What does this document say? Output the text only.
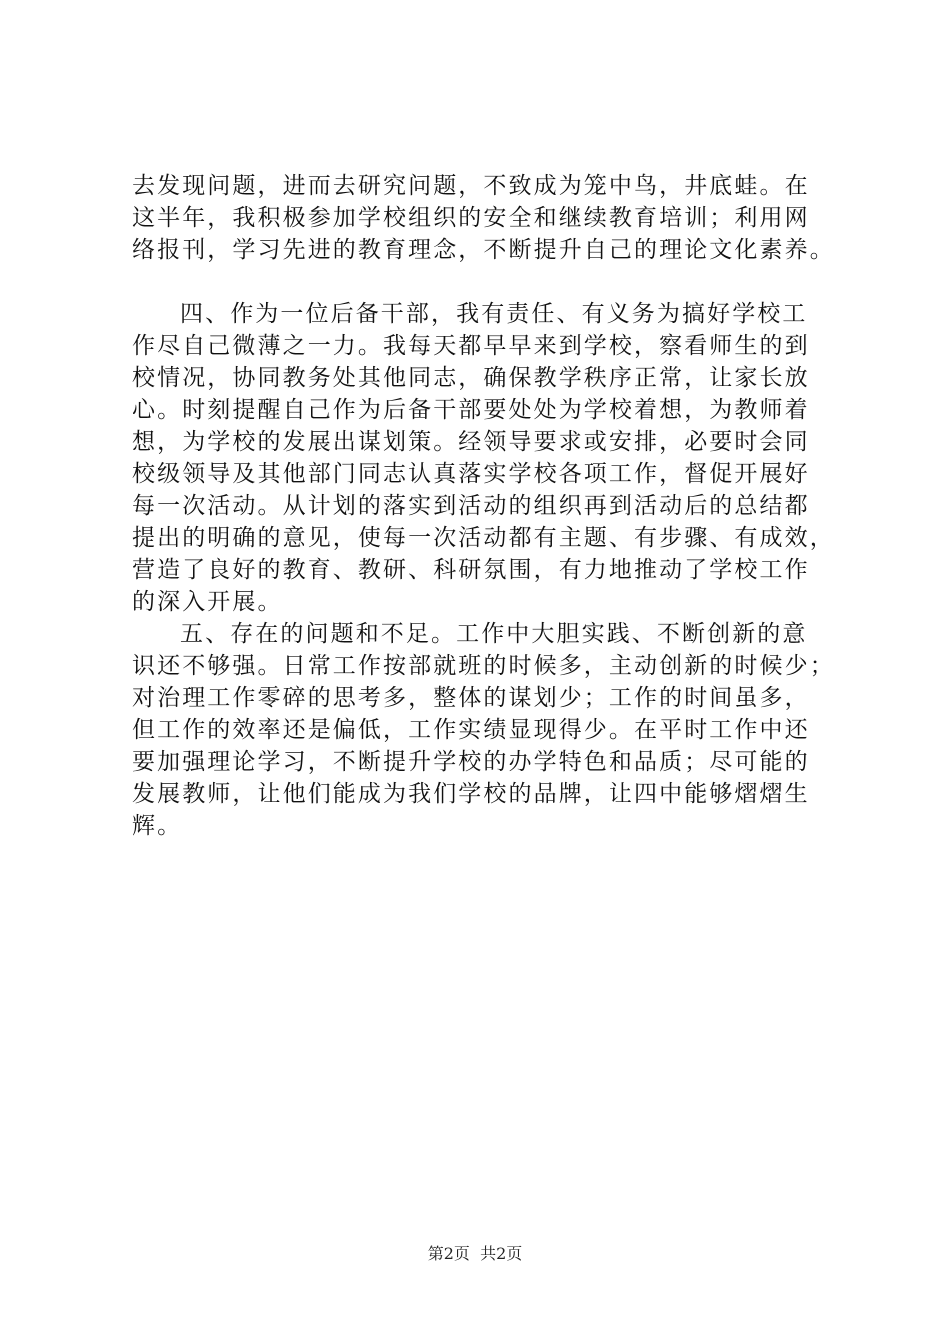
去发现问题，进而去研究问题，不致成为笼中鸟，井底蛙。在
这半年，我积极参加学校组织的安全和继续教育培训；利用网
络报刊，学习先进的教育理念，不断提升自己的理论文化素养。
四、作为一位后备干部，我有责任、有义务为搞好学校工
作尽自己微薄之一力。我每天都早早来到学校，察看师生的到
校情况，协同教务处其他同志，确保教学秩序正常，让家长放
心。时刻提醒自己作为后备干部要处处为学校着想，为教师着
想，为学校的发展出谋划策。经领导要求或安排，必要时会同
校级领导及其他部门同志认真落实学校各项工作，督促开展好
每一次活动。从计划的落实到活动的组织再到活动后的总结都
提出的明确的意见，使每一次活动都有主题、有步骤、有成效，
营造了良好的教育、教研、科研氛围，有力地推动了学校工作
的深入开展。
五、存在的问题和不足。工作中大胆实践、不断创新的意
识还不够强。日常工作按部就班的时候多，主动创新的时候少；
对治理工作零碎的思考多，整体的谋划少；工作的时间虽多，
但工作的效率还是偏低，工作实绩显现得少。在平时工作中还
要加强理论学习，不断提升学校的办学特色和品质；尽可能的
发展教师，让他们能成为我们学校的品牌，让四中能够熠熠生
辉。
第2页  共2页
